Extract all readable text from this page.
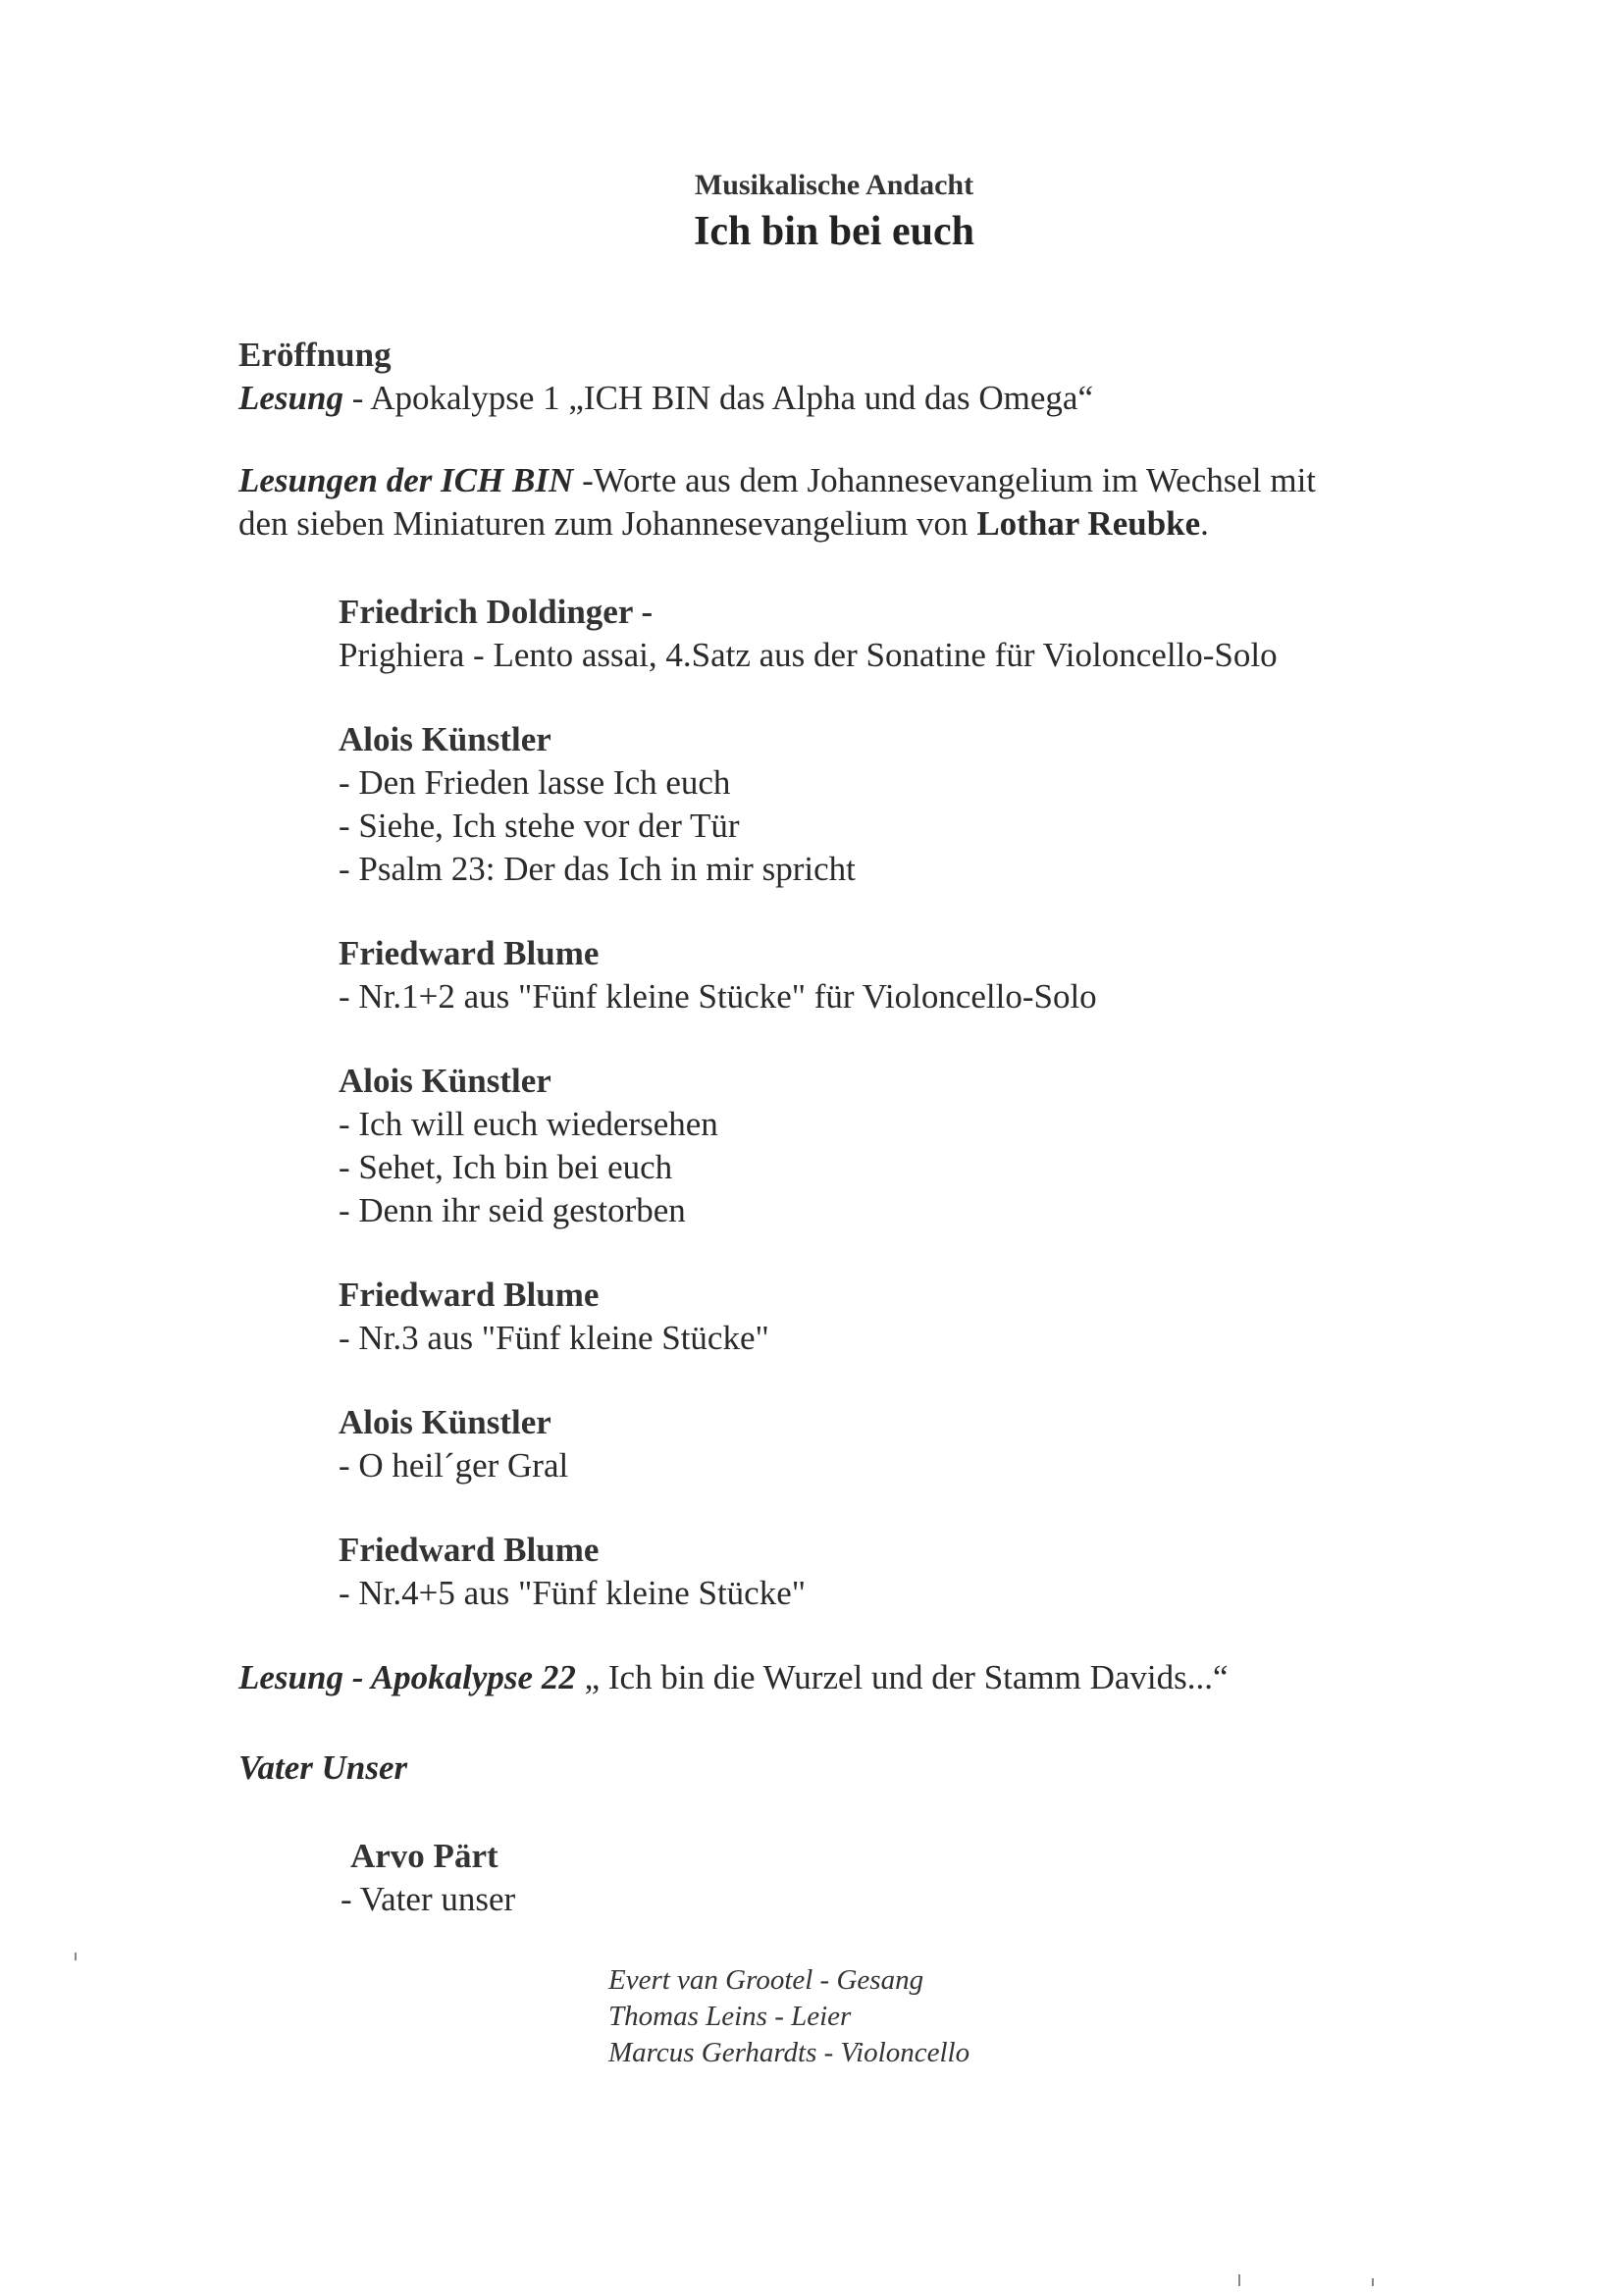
Musikalische Andacht
Ich bin bei euch
Eröffnung
Lesung - Apokalypse 1 „ICH BIN das Alpha und das Omega“
Lesungen der ICH BIN -Worte aus dem Johannesevangelium im Wechsel mit
den sieben Miniaturen zum Johannesevangelium von Lothar Reubke.
Friedrich Doldinger -
Prighiera - Lento assai, 4.Satz aus der Sonatine für Violoncello-Solo
Alois Künstler
- Den Frieden lasse Ich euch
- Siehe, Ich stehe vor der Tür
- Psalm 23: Der das Ich in mir spricht
Friedward Blume
- Nr.1+2 aus "Fünf kleine Stücke" für Violoncello-Solo
Alois Künstler
- Ich will euch wiedersehen
- Sehet, Ich bin bei euch
- Denn ihr seid gestorben
Friedward Blume
- Nr.3 aus "Fünf kleine Stücke"
Alois Künstler
- O heil´ger Gral
Friedward Blume
- Nr.4+5 aus "Fünf kleine Stücke"
Lesung - Apokalypse 22 „ Ich bin die Wurzel und der Stamm Davids...“
Vater Unser
Arvo Pärt
- Vater unser
Evert van Grootel - Gesang
Thomas Leins - Leier
Marcus Gerhardts - Violoncello
